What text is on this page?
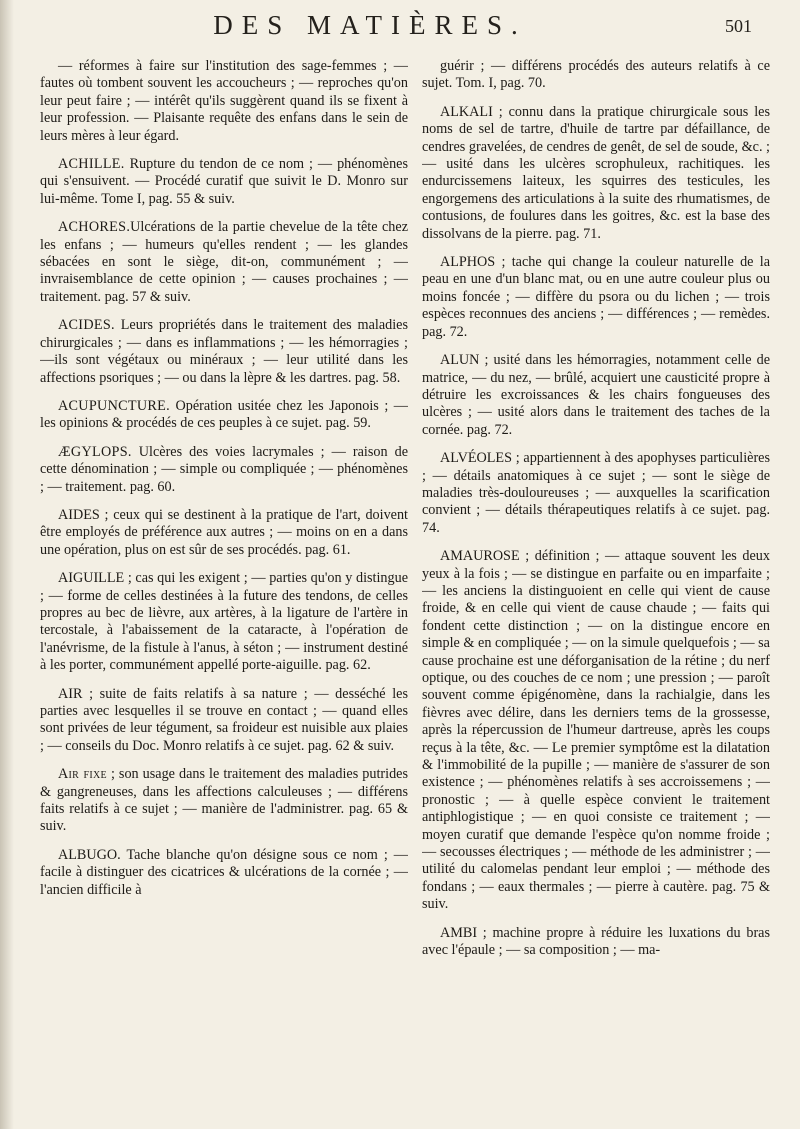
DES MATIÈRES.	501

— réformes à faire sur l'institution des sage-femmes ; — fautes où tombent souvent les accoucheurs ; — reproches qu'on leur peut faire ; — intérêt qu'ils suggèrent quand ils se fixent à leur profession. — Plaisante requête des enfans dans le sein de leurs mères à leur égard.

ACHILLE. Rupture du tendon de ce nom ; — phénomènes qui s'ensuivent. — Procédé curatif que suivit le D. Monro sur lui-même. Tome I, pag. 55 & suiv.

ACHORES.Ulcérations de la partie chevelue de la tête chez les enfans ; — humeurs qu'elles rendent ; — les glandes sébacées en sont le siège, dit-on, communément ; — invraisemblance de cette opinion ; — causes prochaines ; — traitement. pag. 57 & suiv.

ACIDES. Leurs propriétés dans le traitement des maladies chirurgicales ; — dans es inflammations ; — les hémorragies ; —ils sont végétaux ou minéraux ; — leur utilité dans les affections psoriques ; — ou dans la lèpre & les dartres. pag. 58.

ACUPUNCTURE. Opération usitée chez les Japonois ; — les opinions & procédés de ces peuples à ce sujet. pag. 59.

ÆGYLOPS. Ulcères des voies lacrymales ; — raison de cette dénomination ; — simple ou compliquée ; — phénomènes ; — traitement. pag. 60.

AIDES ; ceux qui se destinent à la pratique de l'art, doivent être employés de préférence aux autres ; — moins on en a dans une opération, plus on est sûr de ses procédés. pag. 61.

AIGUILLE ; cas qui les exigent ; — parties qu'on y distingue ; — forme de celles destinées à la future des tendons, de celles propres au bec de lièvre, aux artères, à la ligature de l'artère in tercostale, à l'abaissement de la cataracte, à l'opération de l'anévrisme, de la fistule à l'anus, à séton ; — instrument destiné à les porter, communément appellé porte-aiguille. pag. 62.

AIR ; suite de faits relatifs à sa nature ; — desséché les parties avec lesquelles il se trouve en contact ; — quand elles sont privées de leur tégument, sa froideur est nuisible aux plaies ; — conseils du Doc. Monro relatifs à ce sujet. pag. 62 & suiv.

Air fixe ; son usage dans le traitement des maladies putrides & gangreneuses, dans les affections calculeuses ; — différens faits relatifs à ce sujet ; — manière de l'administrer. pag. 65 & suiv.

ALBUGO. Tache blanche qu'on désigne sous ce nom ; — facile à distinguer des cicatrices & ulcérations de la cornée ; — l'ancien difficile à

guérir ; — différens procédés des auteurs relatifs à ce sujet. Tom. I, pag. 70.

ALKALI ; connu dans la pratique chirurgicale sous les noms de sel de tartre, d'huile de tartre par défaillance, de cendres gravelées, de cendres de genêt, de sel de soude, &c. ; — usité dans les ulcères scrophuleux, rachitiques. les endurcissemens laiteux, les squirres des testicules, les engorgemens des articulations à la suite des rhumatismes, de contusions, de foulures dans les goitres, &c. est la base des dissolvans de la pierre. pag. 71.

ALPHOS ; tache qui change la couleur naturelle de la peau en une d'un blanc mat, ou en une autre couleur plus ou moins foncée ; — diffère du psora ou du lichen ; — trois espèces reconnues des anciens ; — différences ; — remèdes. pag. 72.

ALUN ; usité dans les hémorragies, notamment celle de matrice, — du nez, — brûlé, acquiert une causticité propre à détruire les excroissances & les chairs fongueuses des ulcères ; — usité alors dans le traitement des taches de la cornée. pag. 72.

ALVÉOLES ; appartiennent à des apophyses particulières ; — détails anatomiques à ce sujet ; — sont le siège de maladies très-douloureuses ; — auxquelles la scarification convient ; — détails thérapeutiques relatifs à ce sujet. pag. 74.

AMAUROSE ; définition ; — attaque souvent les deux yeux à la fois ; — se distingue en parfaite ou en imparfaite ; — les anciens la distinguoient en celle qui vient de cause froide, & en celle qui vient de cause chaude ; — faits qui fondent cette distinction ; — on la distingue encore en simple & en compliquée ; — on la simule quelquefois ; — sa cause prochaine est une déforganisation de la rétine ; du nerf optique, ou des couches de ce nom ; une pression ; — paroît souvent comme épigénomène, dans la rachialgie, dans les fièvres avec délire, dans les derniers tems de la grossesse, après la répercussion de l'humeur dartreuse, après les coups reçus à la tête, &c. — Le premier symptôme est la dilatation & l'immobilité de la pupille ; — manière de s'assurer de son existence ; — phénomènes relatifs à ses accroissemens ; — pronostic ; — à quelle espèce convient le traitement antiphlogistique ; — en quoi consiste ce traitement ; — moyen curatif que demande l'espèce qu'on nomme froide ; — secousses électriques ; — méthode de les administrer ; — utilité du calomelas pendant leur emploi ; — méthode des fondans ; — eaux thermales ; — pierre à cautère. pag. 75 & suiv.

AMBI ; machine propre à réduire les luxations du bras avec l'épaule ; — sa composition ; — ma-
